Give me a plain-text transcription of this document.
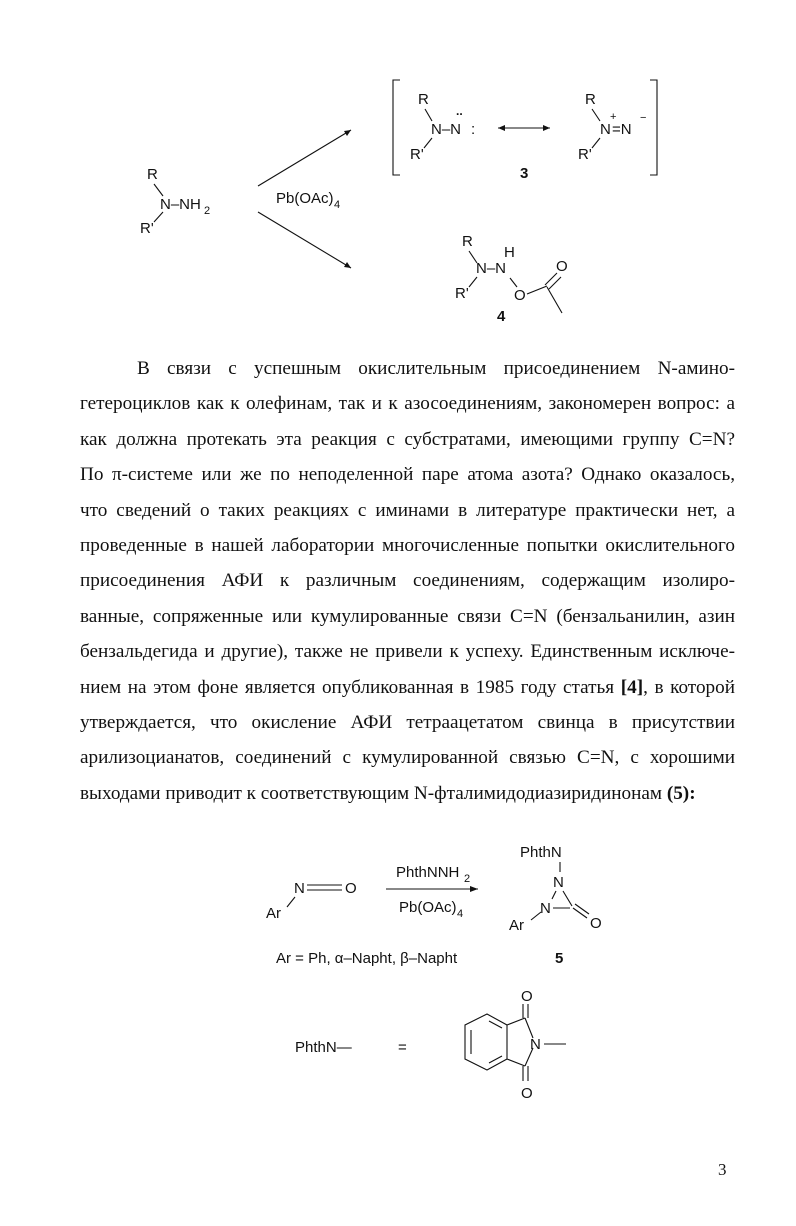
R
N–NH 2
R'
Pb(OAc) 4
R
..
N–N :
R'
R
N
+
=N
−
R'
3
R
H
N–N
R'	O
O
4
N	O
Ar
PhthNNH 2
Pb(OAc) 4
PhthN
N
N
O
Ar
Ar = Ph, α–Napht, β–Napht	5
PhthN—	=
O
O
N
В связи с успешным окислительным присоединением N-амино-
гетероциклов как к олефинам, так и к азосоединениям, закономерен вопрос: а
как должна протекать эта реакция с субстратами, имеющими группу C=N?
По π-системе или же по неподеленной паре атома азота? Однако оказалось,
что сведений о таких реакциях с иминами в литературе практически нет, а
проведенные в нашей лаборатории многочисленные попытки окислительного
присоединения АФИ к различным соединениям, содержащим изолиро-
ванные, сопряженные или кумулированные связи C=N (бензальанилин, азин
бензальдегида и другие), также не привели к успеху. Единственным исключе-
нием на этом фоне является опубликованная в 1985 году статья [4], в которой
утверждается, что окисление АФИ тетраацетатом свинца в присутствии
арилизоцианатов, соединений с кумулированной связью C=N, с хорошими
выходами приводит к соответствующим N-фталимидодиазиридинонам (5):
3
